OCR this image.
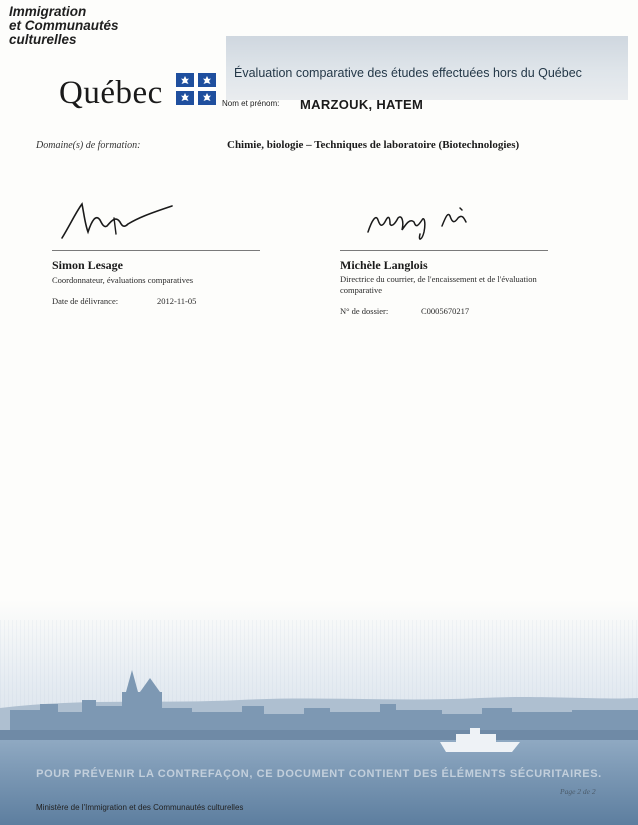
Immigration
et Communautés
culturelles
Québec
Évaluation comparative des études effectuées hors du Québec
Nom et prénom: MARZOUK, HATEM
Domaine(s) de formation:	Chimie, biologie – Techniques de laboratoire (Biotechnologies)
Simon Lesage
Coordonnateur, évaluations comparatives
Date de délivrance:	2012-11-05
Michèle Langlois
Directrice du courrier, de l'encaissement et de l'évaluation
comparative
N° de dossier:	C0005670217
POUR PRÉVENIR LA CONTREFAÇON, CE DOCUMENT CONTIENT DES ÉLÉMENTS SÉCURITAIRES.
Page 2 de 2
Ministère de l'Immigration et des Communautés culturelles
